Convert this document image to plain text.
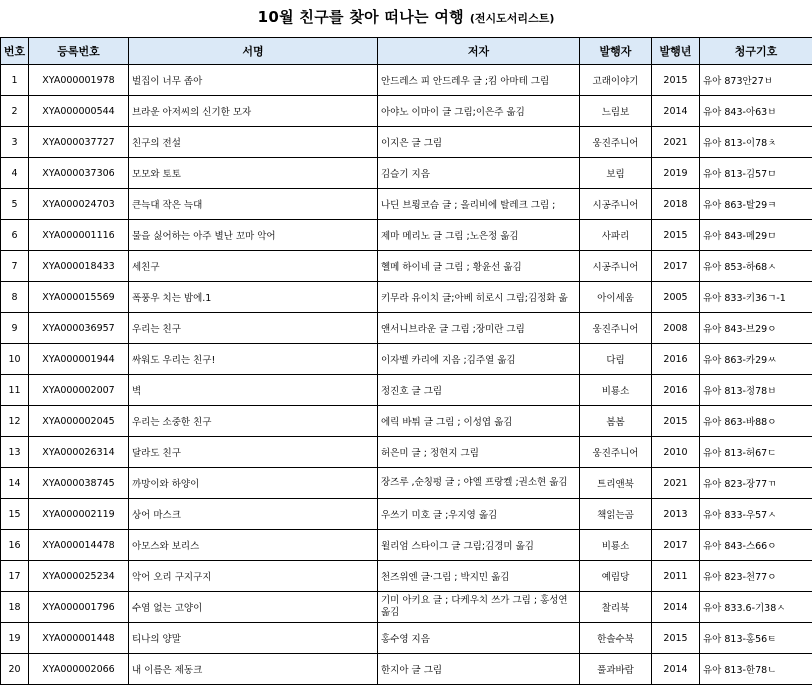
10월 친구를 찾아 떠나는 여행 (전시도서리스트)
번호	등록번호	서명	저자	발행자	발행년	청구기호
1	XYA000001978	벌집이 너무 좁아	안드레스 피 안드레우 글 ;킴 아마테 그림	고래이야기	2015	유아 873안27ㅂ
2	XYA000000544	브라운 아저씨의 신기한 모자	아야노 이마이 글 그림;이은주 옮김	느림보	2014	유아 843-아63ㅂ
3	XYA000037727	친구의 전설	이지은 글 그림	웅진주니어	2021	유아 813-이78ㅊ
4	XYA000037306	모모와 토토	김슬기 지음	보림	2019	유아 813-김57ㅁ
5	XYA000024703	큰늑대 작은 늑대	나딘 브룅코슴 글 ; 올리비에 탈레크 그림 ;	시공주니어	2018	유아 863-탈29ㅋ
6	XYA000001116	물을 싫어하는 아주 별난 꼬마 악어	제마 메리노 글 그림 ;노은정 옮김	사파리	2015	유아 843-메29ㅁ
7	XYA000018433	세친구	헬메 하이네 글 그림 ; 황윤선 옮김	시공주니어	2017	유아 853-하68ㅅ
8	XYA000015569	폭풍우 치는 밤에.1	키무라 유이치 글;아베 히로시 그림;김정화 옮	아이세움	2005	유아 833-키36ㄱ-1
9	XYA000036957	우리는 친구	앤서니브라운 글 그림 ;장미란 그림	웅진주니어	2008	유아 843-브29ㅇ
10	XYA000001944	싸워도 우리는 친구!	이자벨 카리에 지음 ;김주열 옮김	다림	2016	유아 863-카29ㅆ
11	XYA000002007	벽	정진호 글 그림	비룡소	2016	유아 813-정78ㅂ
12	XYA000002045	우리는 소중한 친구	에릭 바튀 글 그림 ; 이성엽 옮김	봄봄	2015	유아 863-바88ㅇ
13	XYA000026314	달라도 친구	허은미 글 ; 정현지 그림	웅진주니어	2010	유아 813-허67ㄷ
14	XYA000038745	까망이와 하양이	장즈루 ,순칭펑 글 ; 야엘 프랑켈 ;권소현 옮김	트리앤북	2021	유아 823-장77ㄲ
15	XYA000002119	상어 마스크	우쓰기 미호 글 ;우지영 옮김	책읽는곰	2013	유아 833-우57ㅅ
16	XYA000014478	아모스와 보리스	윌리엄 스타이그 글 그림;김경미 옮김	비룡소	2017	유아 843-스66ㅇ
17	XYA000025234	악어 오리 구지구지	천즈위엔 글·그림 ; 박지민 옮김	예림당	2011	유아 823-천77ㅇ
18	XYA000001796	수염 없는 고양이	기미 아키요 글 ; 다케우치 쓰가 그림 ; 홍성연 옮김	찰리북	2014	유아 833.6-기38ㅅ
19	XYA000001448	티나의 양말	홍수영 지음	한솔수북	2015	유아 813-홍56ㅌ
20	XYA000002066	내 이름은 제동크	한지아 글 그림	풀과바람	2014	유아 813-한78ㄴ
